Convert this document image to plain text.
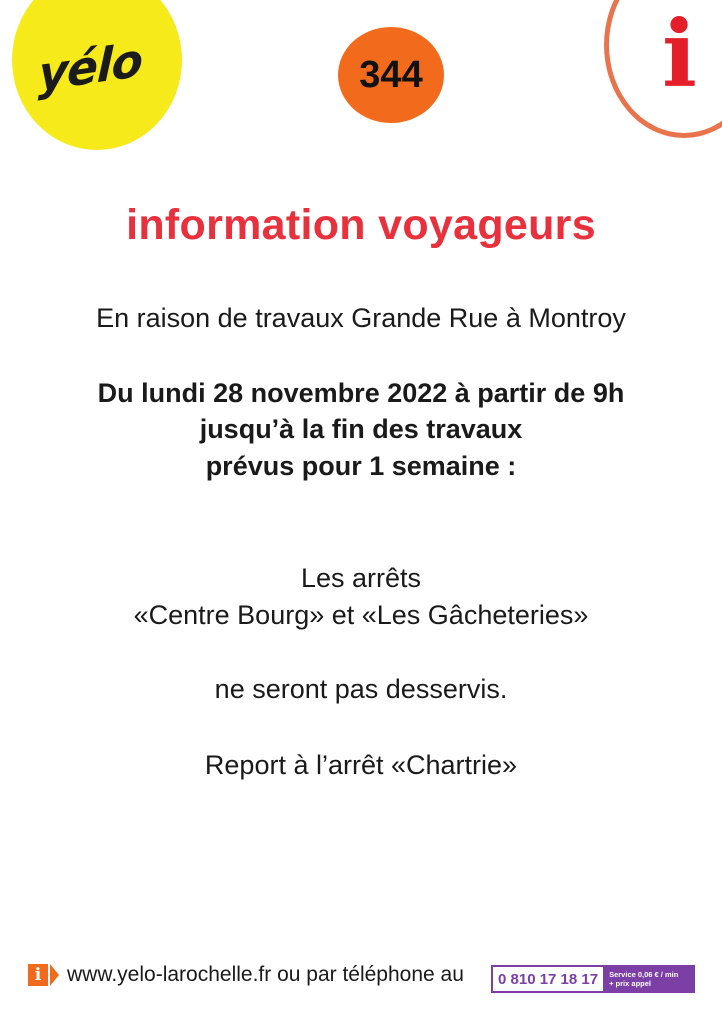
yélo	344	i
information voyageurs
En raison de travaux Grande Rue à Montroy
Du lundi 28 novembre 2022 à partir de 9h
jusqu’à la fin des travaux
prévus pour 1 semaine :
Les arrêts
«Centre Bourg» et «Les Gâcheteries»
ne seront pas desservis.
Report à l’arrêt «Chartrie»
i	www.yelo-larochelle.fr ou par téléphone au	0 810 17 18 17	Service 0,06 € / min
+ prix appel
